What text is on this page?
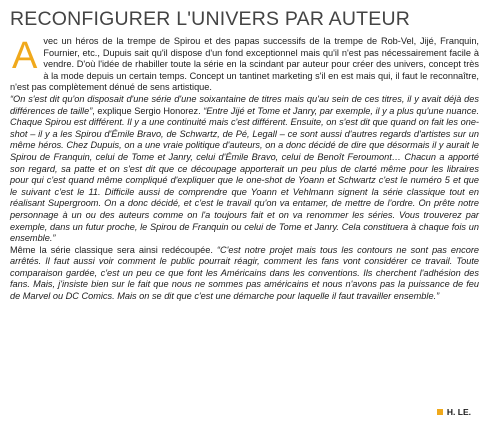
RECONFIGURER L'UNIVERS PAR AUTEUR

Avec un héros de la trempe de Spirou et des papas successifs de la trempe de Rob-Vel, Jijé, Franquin, Fournier, etc., Dupuis sait qu'il dispose d'un fond exceptionnel mais qu'il n'est pas nécessairement facile à vendre. D'où l'idée de rhabiller toute la série en la scindant par auteur pour créer des univers, concept très à la mode depuis un certain temps. Concept un tantinet marketing s'il en est mais qui, il faut le reconnaître, n'est pas complètement dénué de sens artistique.

“On s'est dit qu'on disposait d'une série d'une soixantaine de titres mais qu'au sein de ces titres, il y avait déjà des différences de taille”, explique Sergio Honorez. “Entre Jijé et Tome et Janry, par exemple, il y a plus qu'une nuance. Chaque Spirou est différent. Il y a une continuité mais c'est différent. Ensuite, on s'est dit que quand on fait les one-shot – il y a les Spirou d'Émile Bravo, de Schwartz, de Pé, Legall – ce sont aussi d'autres regards d'artistes sur un même héros. Chez Dupuis, on a une vraie politique d'auteurs, on a donc décidé de dire que désormais il y aurait le Spirou de Franquin, celui de Tome et Janry, celui d'Émile Bravo, celui de Benoît Feroumont… Chacun a apporté son regard, sa patte et on s'est dit que ce découpage apporterait un peu plus de clarté même pour les libraires pour qui c'est quand même compliqué d'expliquer que le one-shot de Yoann et Schwartz c'est le numéro 5 et que le suivant c'est le 11. Difficile aussi de comprendre que Yoann et Vehlmann signent la série classique tout en réalisant Supergroom. On a donc décidé, et c'est le travail qu'on va entamer, de mettre de l'ordre. On prête notre personnage à un ou des auteurs comme on l'a toujours fait et on va renommer les séries. Vous trouverez par exemple, dans un futur proche, le Spirou de Franquin ou celui de Tome et Janry. Cela constituera à chaque fois un ensemble.”

Même la série classique sera ainsi redécoupée. “C'est notre projet mais tous les contours ne sont pas encore arrêtés. Il faut aussi voir comment le public pourrait réagir, comment les fans vont considérer ce travail. Toute comparaison gardée, c'est un peu ce que font les Américains dans les conventions. Ils cherchent l'adhésion des fans. Mais, j'insiste bien sur le fait que nous ne sommes pas américains et nous n'avons pas la puissance de feu de Marvel ou DC Comics. Mais on se dit que c'est une démarche pour laquelle il faut travailler ensemble.”

H. LE.
